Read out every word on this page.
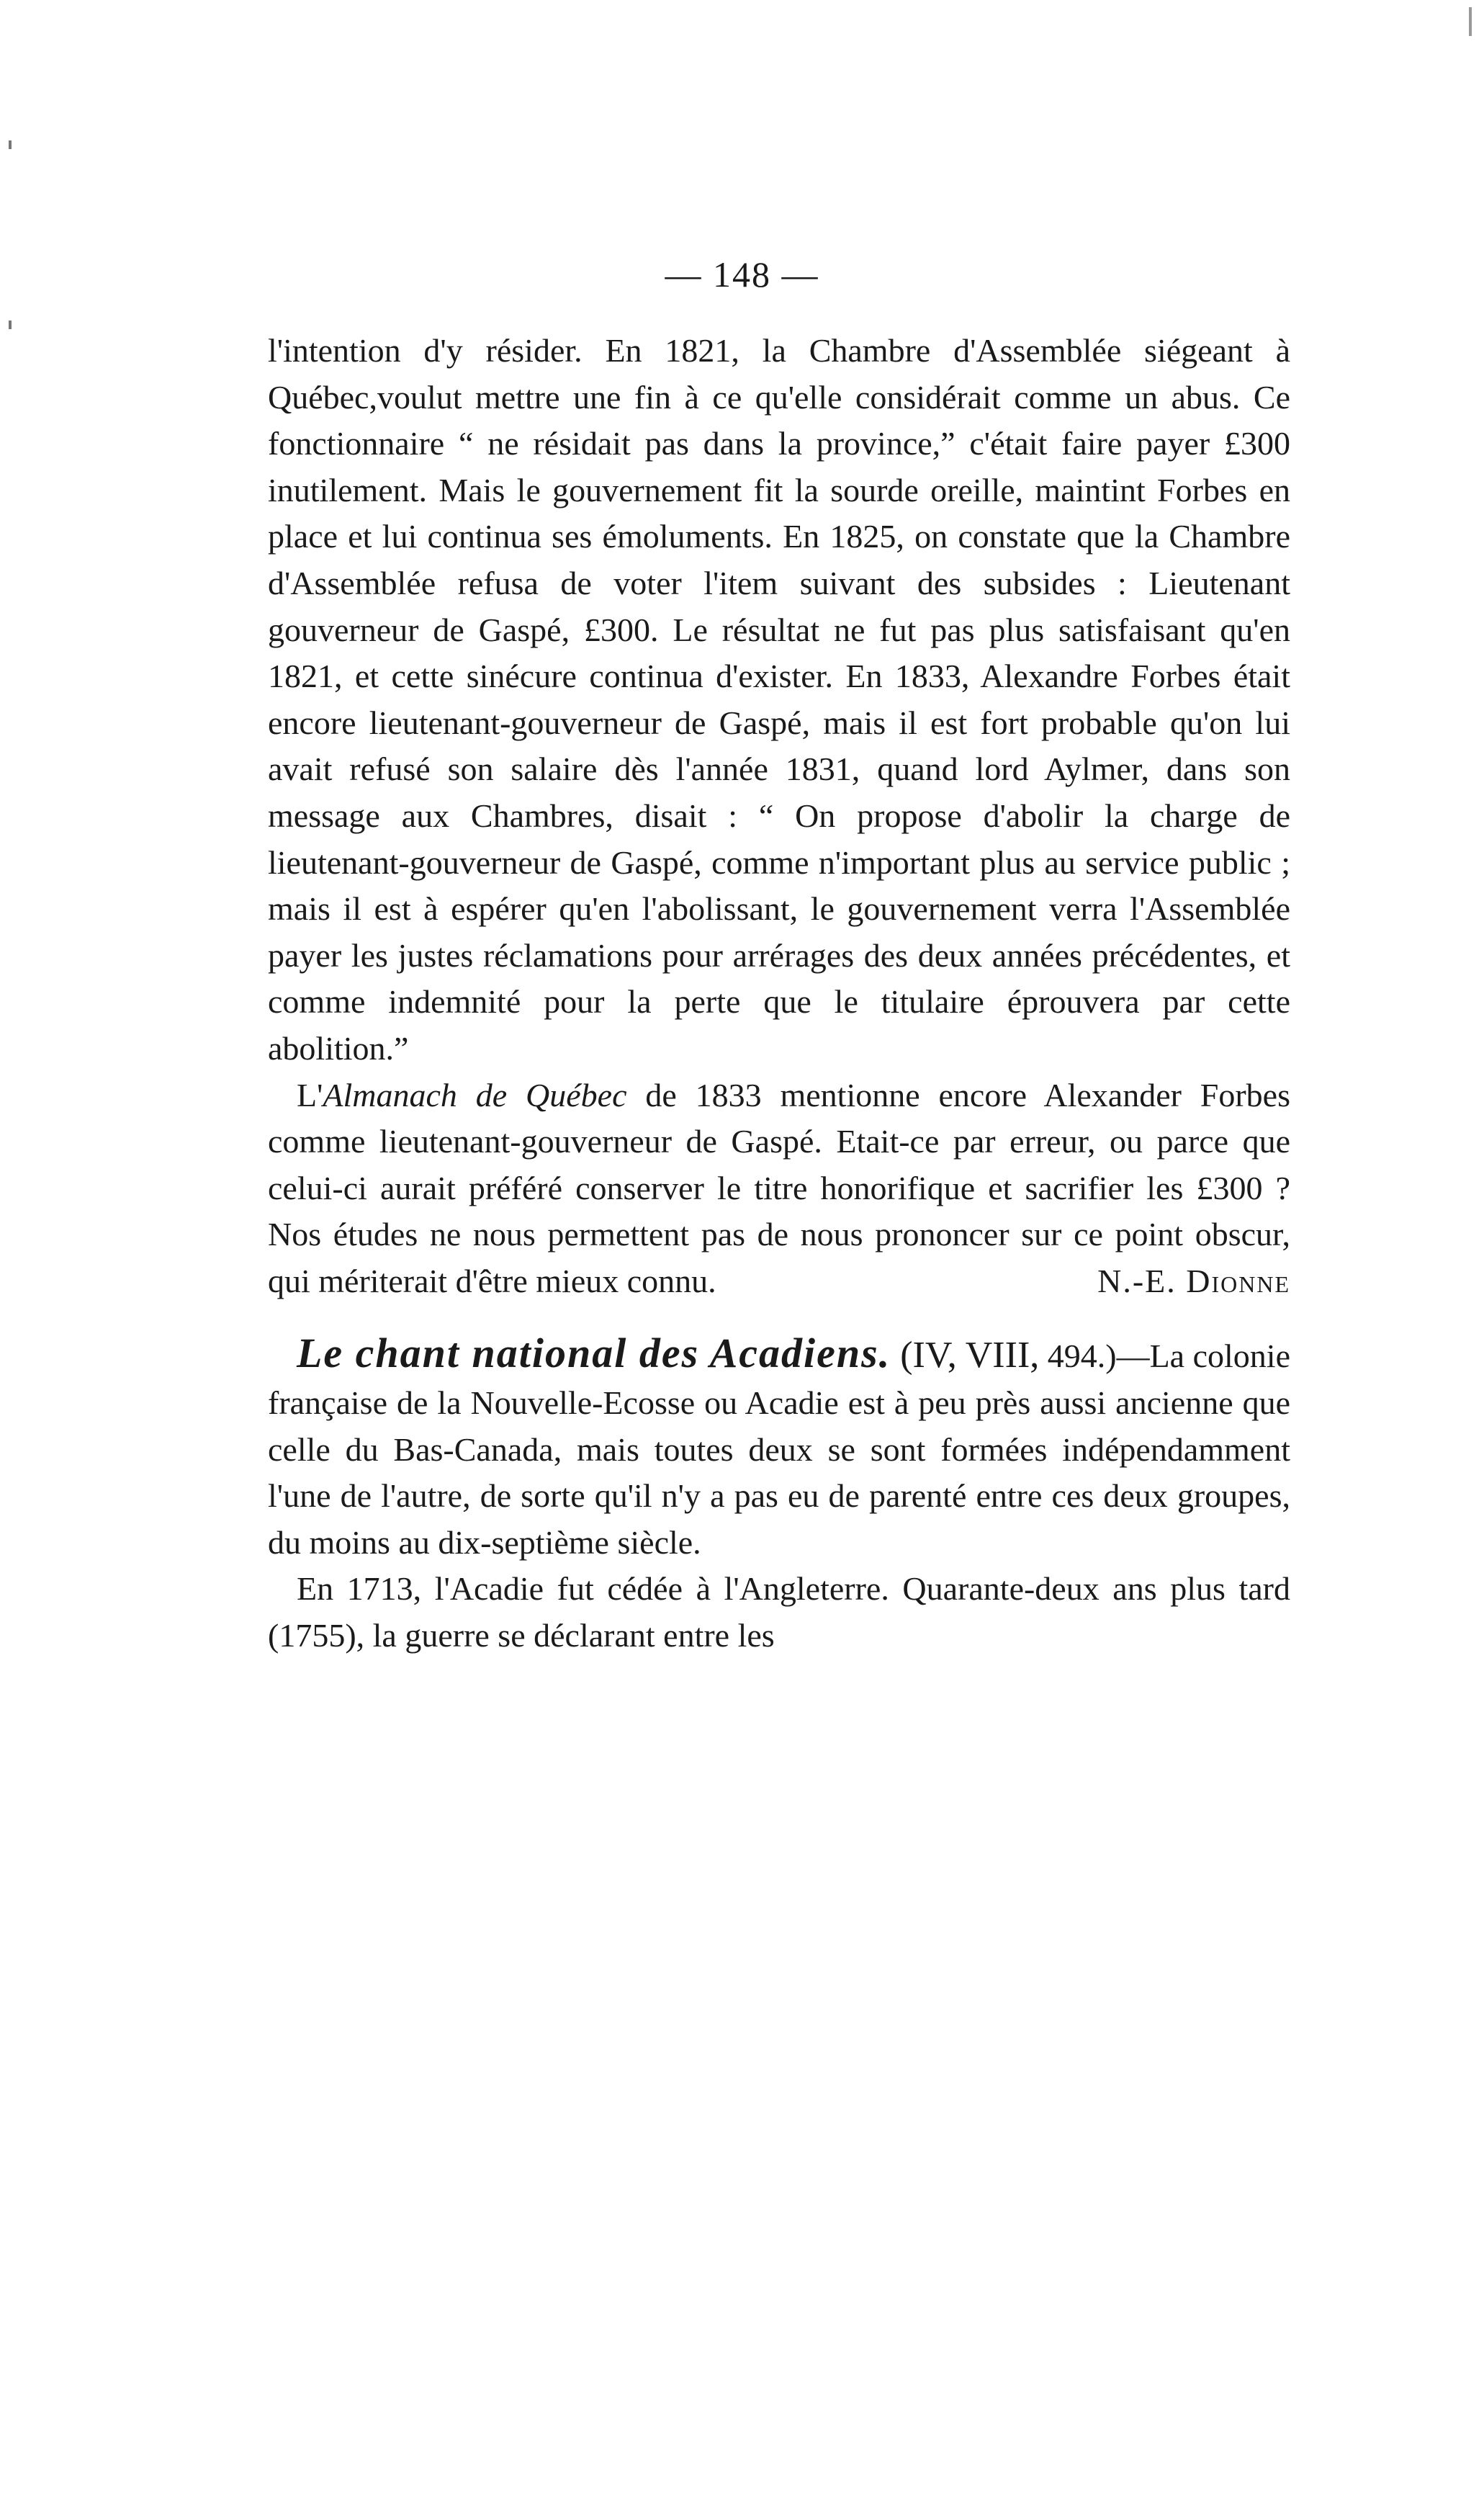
— 148 —

l'intention d'y résider. En 1821, la Chambre d'Assemblée siégeant à Québec,voulut mettre une fin à ce qu'elle considérait comme un abus. Ce fonctionnaire “ ne résidait pas dans la province,” c'était faire payer £300 inutilement. Mais le gouvernement fit la sourde oreille, maintint Forbes en place et lui continua ses émoluments. En 1825, on constate que la Chambre d'Assemblée refusa de voter l'item suivant des subsides : Lieutenant gouverneur de Gaspé, £300. Le résultat ne fut pas plus satisfaisant qu'en 1821, et cette sinécure continua d'exister. En 1833, Alexandre Forbes était encore lieutenant-gouverneur de Gaspé, mais il est fort probable qu'on lui avait refusé son salaire dès l'année 1831, quand lord Aylmer, dans son message aux Chambres, disait : “ On propose d'abolir la charge de lieutenant-gouverneur de Gaspé, comme n'important plus au service public ; mais il est à espérer qu'en l'abolissant, le gouvernement verra l'Assemblée payer les justes réclamations pour arrérages des deux années précédentes, et comme indemnité pour la perte que le titulaire éprouvera par cette abolition.”

L'Almanach de Québec de 1833 mentionne encore Alexander Forbes comme lieutenant-gouverneur de Gaspé. Etait-ce par erreur, ou parce que celui-ci aurait préféré conserver le titre honorifique et sacrifier les £300 ? Nos études ne nous permettent pas de nous prononcer sur ce point obscur, qui mériterait d'être mieux connu.	N.-E. Dionne

Le chant national des Acadiens. (IV, VIII, 494.)—La colonie française de la Nouvelle-Ecosse ou Acadie est à peu près aussi ancienne que celle du Bas-Canada, mais toutes deux se sont formées indépendamment l'une de l'autre, de sorte qu'il n'y a pas eu de parenté entre ces deux groupes, du moins au dix-septième siècle.

En 1713, l'Acadie fut cédée à l'Angleterre. Quarante-deux ans plus tard (1755), la guerre se déclarant entre les
